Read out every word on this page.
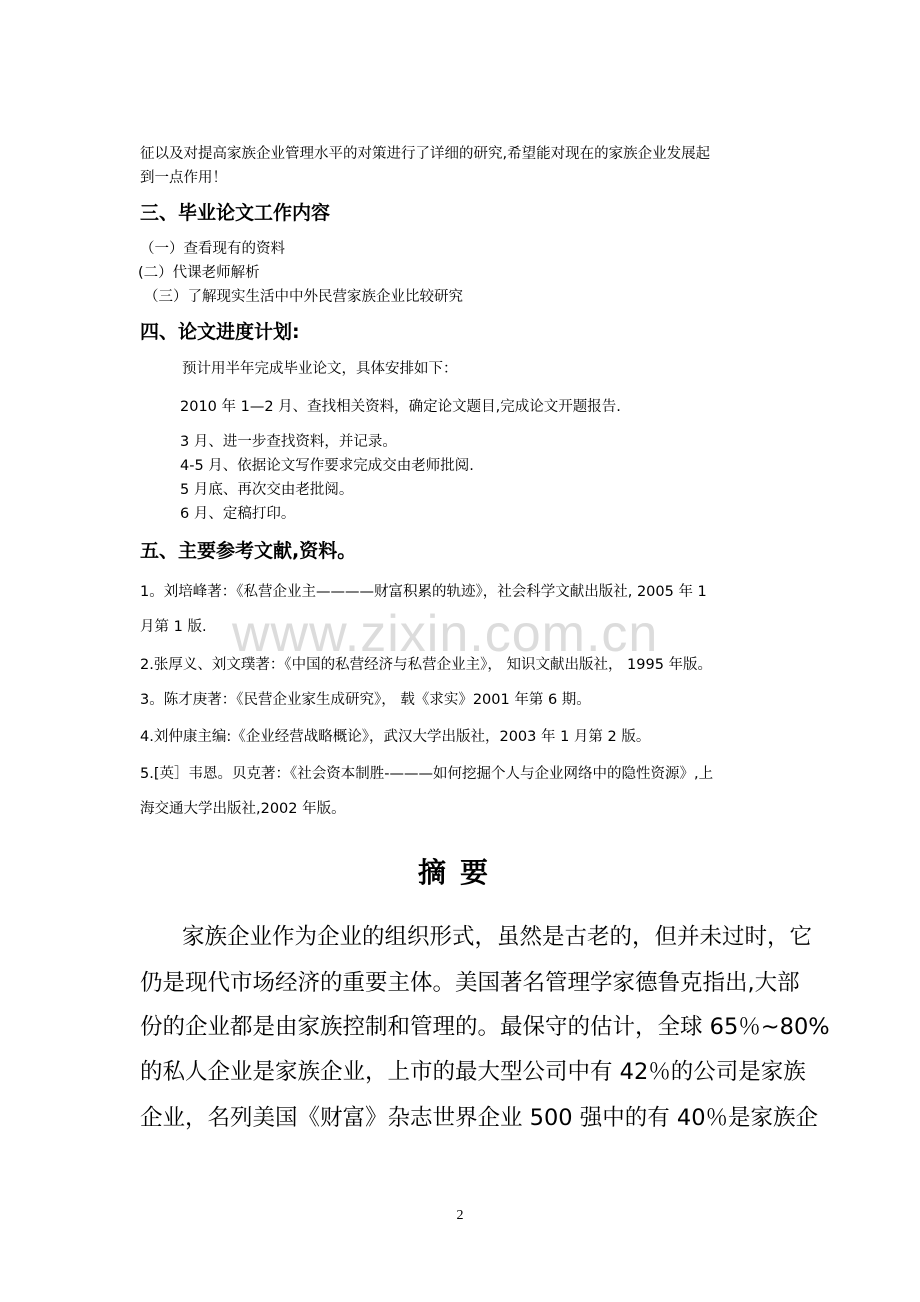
征以及对提高家族企业管理水平的对策进行了详细的研究,希望能对现在的家族企业发展起
到一点作用！
三、毕业论文工作内容
（一）查看现有的资料
(二）代课老师解析
（三）了解现实生活中中外民营家族企业比较研究
四、论文进度计划:
预计用半年完成毕业论文，具体安排如下：
2010 年 1—2 月、查找相关资料，确定论文题目,完成论文开题报告.
3 月、进一步查找资料，并记录。
4-5 月、依据论文写作要求完成交由老师批阅.
5 月底、再次交由老批阅。
6 月、定稿打印。
五、主要参考文献,资料。
1。刘培峰著：《私营企业主————财富积累的轨迹》，社会科学文献出版社, 2005 年 1
月第 1 版.
2.张厚义、刘文璞著：《中国的私营经济与私营企业主》， 知识文献出版社， 1995 年版。
3。陈才庚著：《民营企业家生成研究》， 载《求实》2001 年第 6 期。
4.刘仲康主编:《企业经营战略概论》，武汉大学出版社，2003 年 1 月第 2 版。
5.[英］韦恩。贝克著：《社会资本制胜-———如何挖掘个人与企业网络中的隐性资源》,上
海交通大学出版社,2002 年版。
www.zixin.com.cn
摘要
家族企业作为企业的组织形式，虽然是古老的，但并未过时，它
仍是现代市场经济的重要主体。美国著名管理学家德鲁克指出,大部
份的企业都是由家族控制和管理的。最保守的估计，全球 65％~80%
的私人企业是家族企业，上市的最大型公司中有 42％的公司是家族
企业，名列美国《财富》杂志世界企业 500 强中的有 40％是家族企
2
